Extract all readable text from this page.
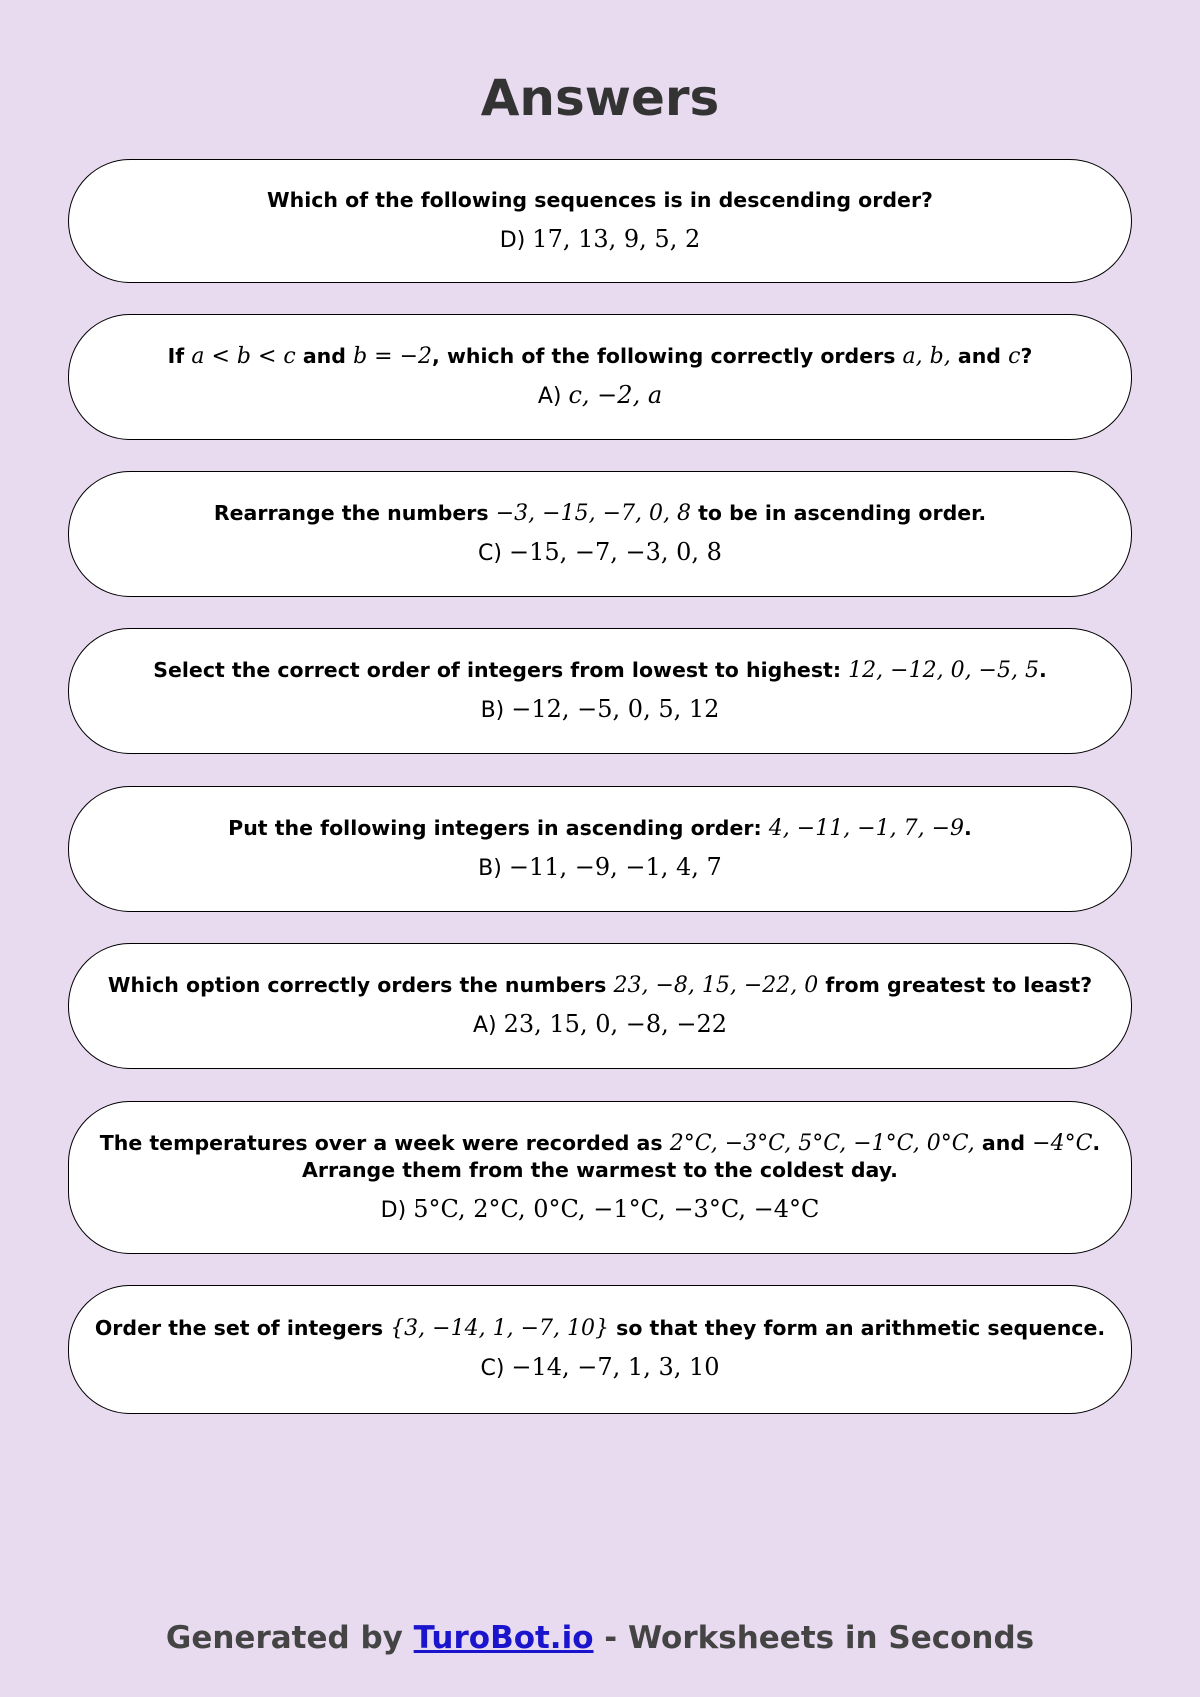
Answers
Which of the following sequences is in descending order?
D) 17, 13, 9, 5, 2
If a < b < c and b = −2, which of the following correctly orders a, b, and c?
A) c, −2, a
Rearrange the numbers −3, −15, −7, 0, 8 to be in ascending order.
C) −15, −7, −3, 0, 8
Select the correct order of integers from lowest to highest: 12, −12, 0, −5, 5.
B) −12, −5, 0, 5, 12
Put the following integers in ascending order: 4, −11, −1, 7, −9.
B) −11, −9, −1, 4, 7
Which option correctly orders the numbers 23, −8, 15, −22, 0 from greatest to least?
A) 23, 15, 0, −8, −22
The temperatures over a week were recorded as 2°C, −3°C, 5°C, −1°C, 0°C, and −4°C. Arrange them from the warmest to the coldest day.
D) 5°C, 2°C, 0°C, −1°C, −3°C, −4°C
Order the set of integers {3, −14, 1, −7, 10} so that they form an arithmetic sequence.
C) −14, −7, 1, 3, 10
Generated by TuroBot.io - Worksheets in Seconds
